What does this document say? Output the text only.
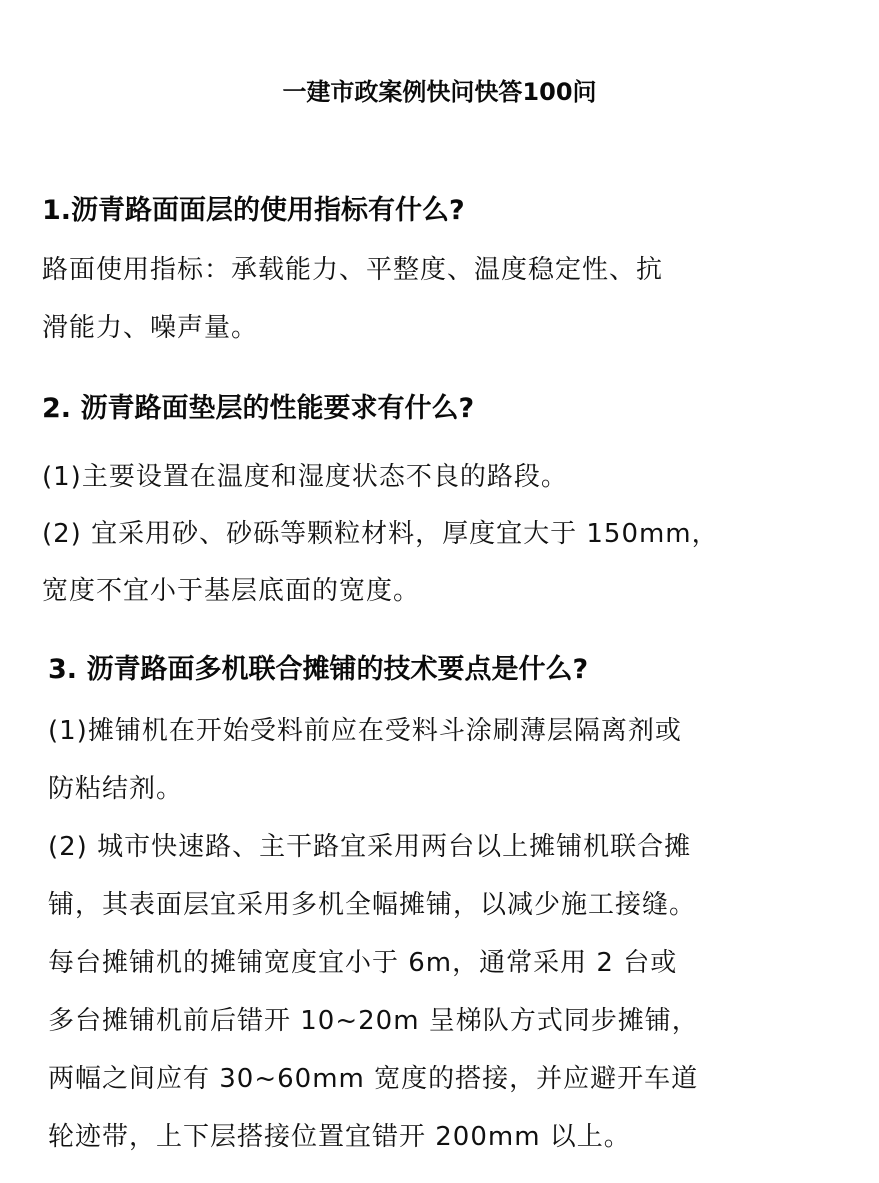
一建市政案例快问快答100问
1.沥青路面面层的使用指标有什么?
路面使用指标：承载能力、平整度、温度稳定性、抗
滑能力、噪声量。
2. 沥青路面垫层的性能要求有什么?
(1)主要设置在温度和湿度状态不良的路段。
(2) 宜采用砂、砂砾等颗粒材料，厚度宜大于 150mm，
宽度不宜小于基层底面的宽度。
3. 沥青路面多机联合摊铺的技术要点是什么?
(1)摊铺机在开始受料前应在受料斗涂刷薄层隔离剂或
防粘结剂。
(2) 城市快速路、主干路宜采用两台以上摊铺机联合摊
铺，其表面层宜采用多机全幅摊铺，以减少施工接缝。
每台摊铺机的摊铺宽度宜小于 6m，通常采用 2 台或
多台摊铺机前后错开 10~20m 呈梯队方式同步摊铺，
两幅之间应有 30~60mm 宽度的搭接，并应避开车道
轮迹带，上下层搭接位置宜错开 200mm 以上。
